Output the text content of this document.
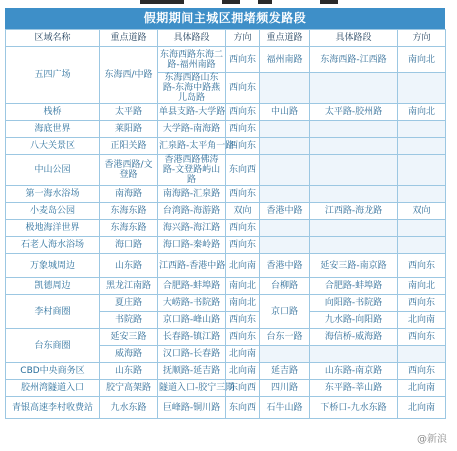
假期期间主城区拥堵频发路段
区域名称	重点道路	具体路段	方向	重点道路	具体路段	方向
五四广场	东海西/中路	东海西路东海二路-福州南路	西向东	福州南路	东海西路-江西路	南向北
		东海西路山东路-东海中路燕儿岛路	西向东			
栈桥	太平路	单县支路-大学路	西向东	中山路	太平路-胶州路	南向北
海底世界	莱阳路	大学路-南海路	西向东			
八大关景区	正阳关路	汇泉路-太平角一路	西向东			
中山公园	香港西路/文登路	香港西路佛涛路-文登路屿山路	东向西			
第一海水浴场	南海路	南海路-汇泉路	西向东			
小麦岛公园	东海东路	台湾路-海游路	双向	香港中路	江西路-海龙路	双向
极地海洋世界	东海东路	海兴路-海江路	西向东			
石老人海水浴场	海口路	海口路-秦岭路	西向东			
万象城周边	山东路	江西路-香港中路	北向南	香港中路	延安三路-南京路	西向东
凯德周边	黑龙江南路	合肥路-蚌埠路	南向北	台柳路	合肥路-蚌埠路	南向北
李村商圈	夏庄路	大崂路-书院路	南向北	京口路	向阳路-书院路	西向东
	书院路	京口路-峰山路	西向东		九水路-向阳路	北向南
台东商圈	延安三路	长春路-镇江路	西向东	台东一路	海信桥-威海路	西向东
	威海路	汉口路-长春路	北向南			
CBD中央商务区	山东路	抚顺路-延吉路	北向南	延吉路	山东路-南京路	西向东
胶州湾隧道入口	胶宁高架路	隧道入口-胶宁三期	东向西	四川路	东平路-莘山路	北向南
青银高速李村收费站	九水东路	巨峰路-铜川路	东向西	石牛山路	下桥口-九水东路	北向南
@新浪
